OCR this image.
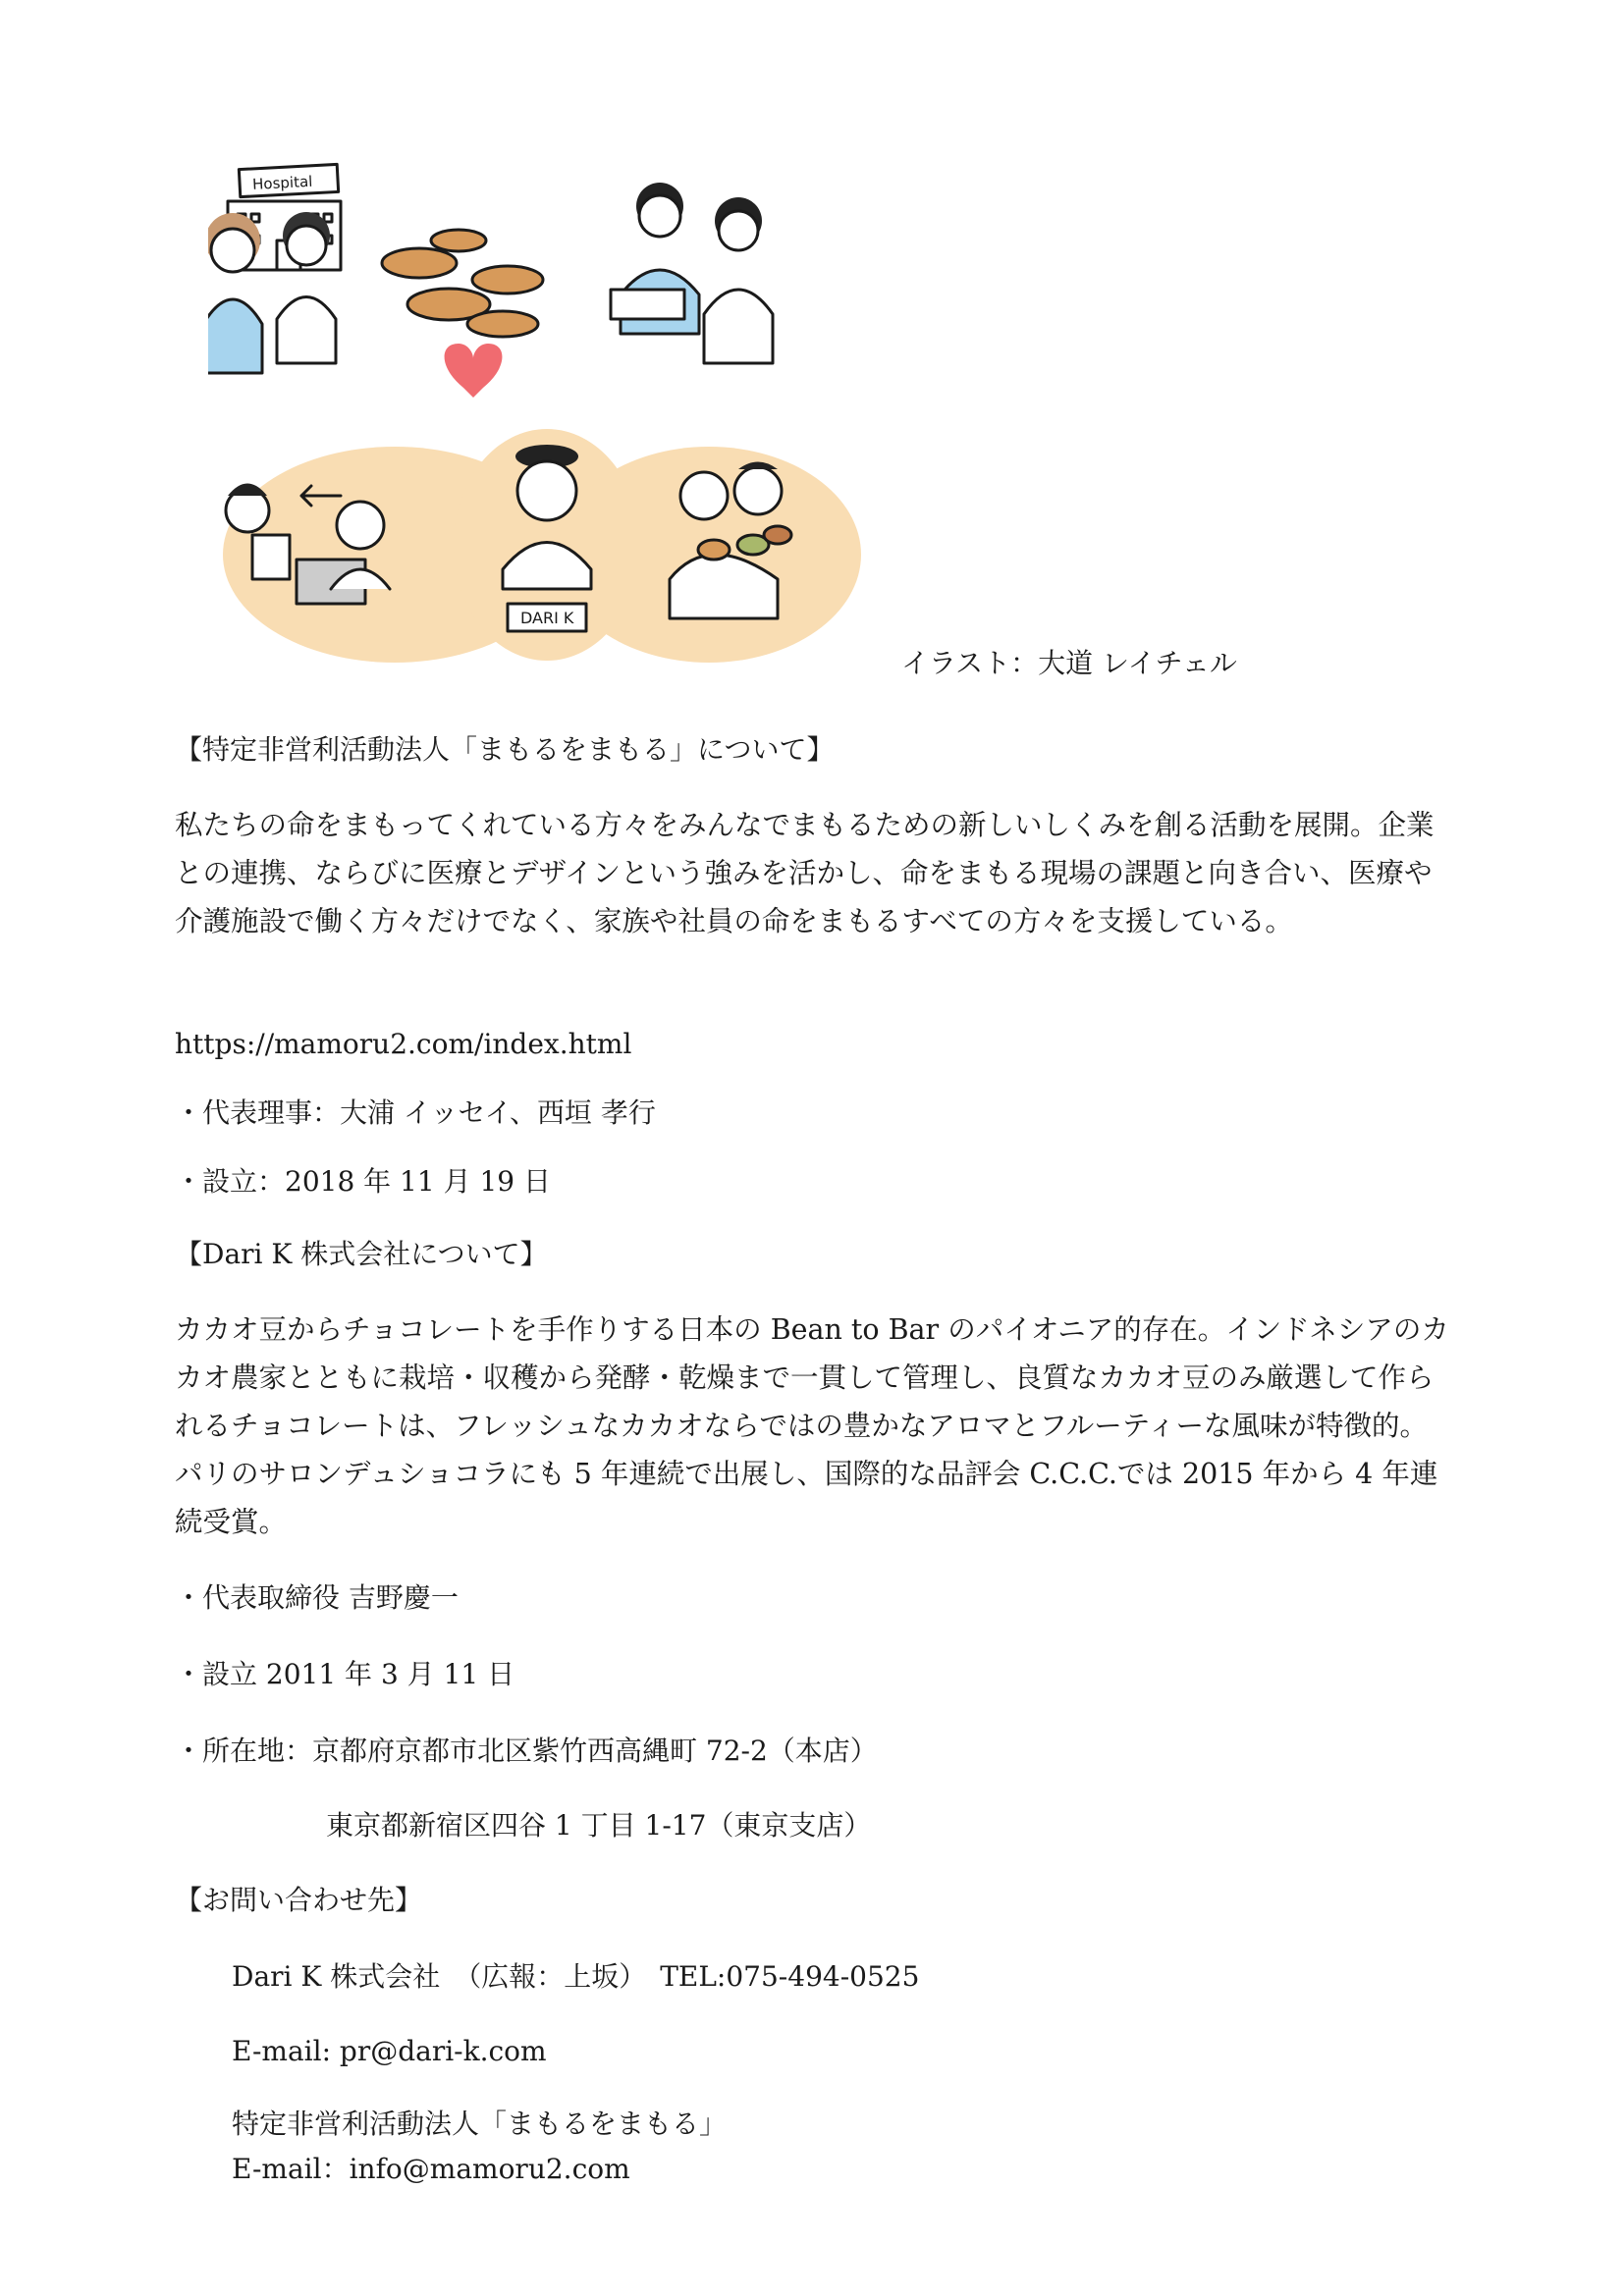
Hospital
DARI K
イラスト：大道 レイチェル
【特定非営利活動法人「まもるをまもる」について】
私たちの命をまもってくれている方々をみんなでまもるための新しいしくみを創る活動を展開。企業との連携、ならびに医療とデザインという強みを活かし、命をまもる現場の課題と向き合い、医療や介護施設で働く方々だけでなく、家族や社員の命をまもるすべての方々を支援している。
https://mamoru2.com/index.html
・代表理事：大浦 イッセイ、西垣 孝行
・設立：2018 年 11 月 19 日
【Dari K 株式会社について】
カカオ豆からチョコレートを手作りする日本の Bean to Bar のパイオニア的存在。インドネシアのカカオ農家とともに栽培・収穫から発酵・乾燥まで一貫して管理し、良質なカカオ豆のみ厳選して作られるチョコレートは、フレッシュなカカオならではの豊かなアロマとフルーティーな風味が特徴的。 パリのサロンデュショコラにも 5 年連続で出展し、国際的な品評会 C.C.C.では 2015 年から 4 年連続受賞。
・代表取締役 吉野慶一
・設立 2011 年 3 月 11 日
・所在地：京都府京都市北区紫竹西高縄町 72-2（本店）
東京都新宿区四谷 1 丁目 1-17（東京支店）
【お問い合わせ先】
Dari K 株式会社　（広報：上坂）　TEL:075-494-0525
E-mail: pr@dari-k.com
特定非営利活動法人「まもるをまもる」
E-mail：info@mamoru2.com
